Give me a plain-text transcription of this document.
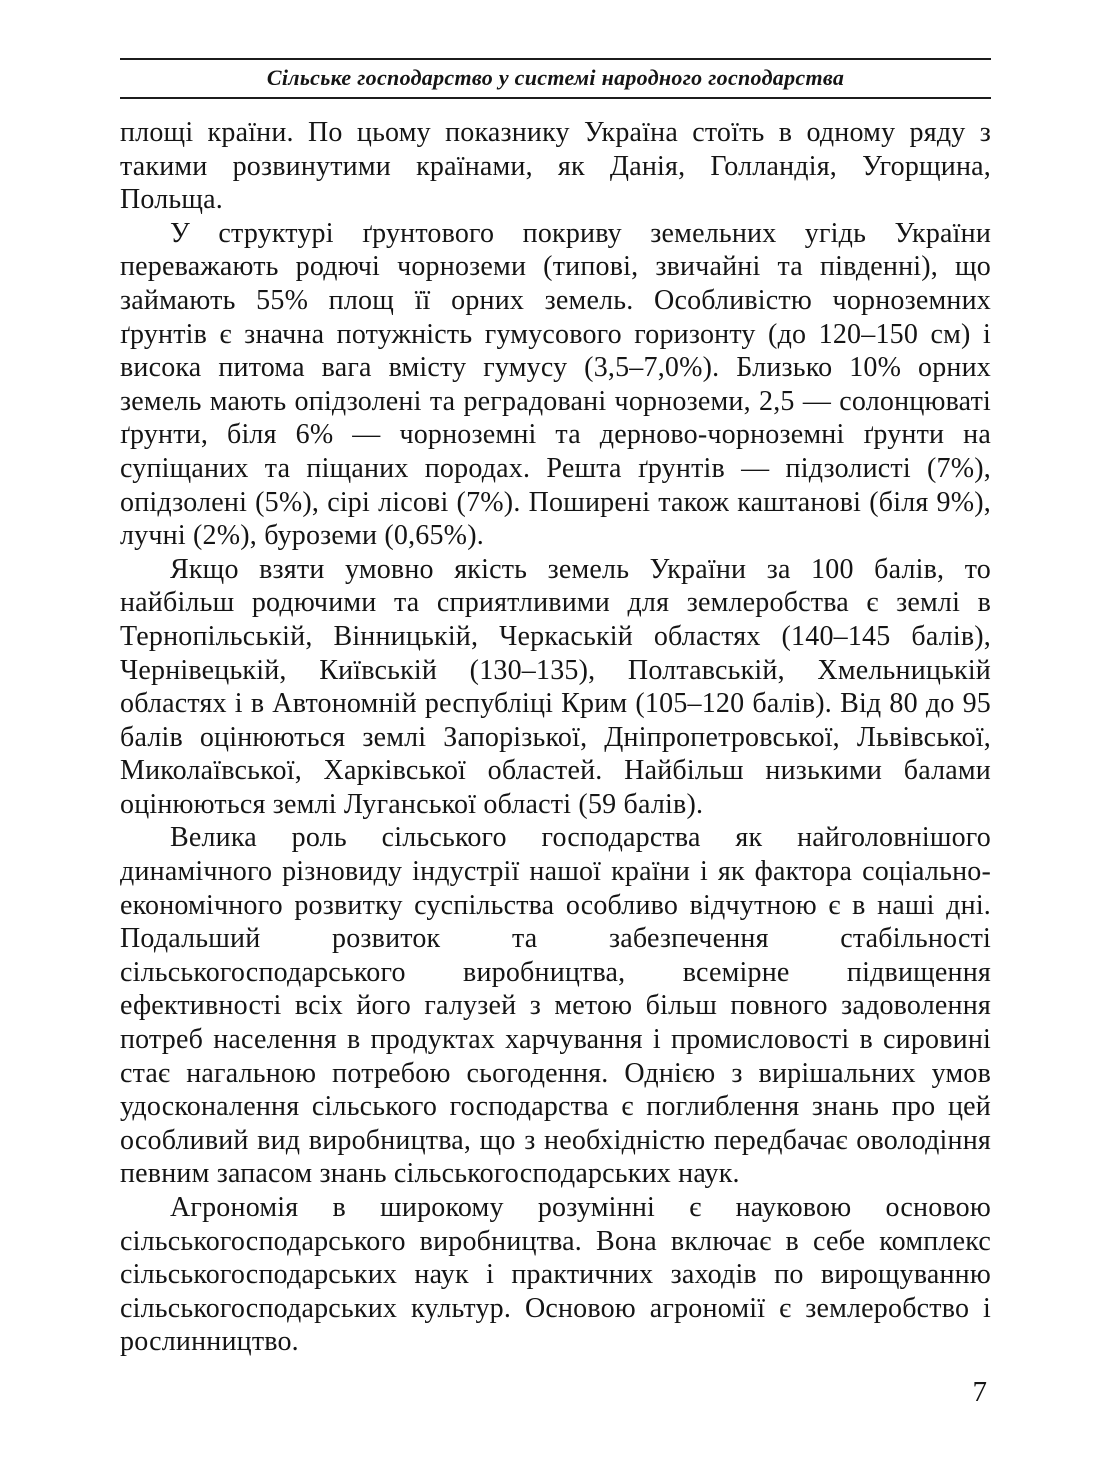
Сільське господарство у системі народного господарства

площі країни. По цьому показнику Україна стоїть в одному ряду з такими розвинутими країнами, як Данія, Голландія, Угорщина, Польща.

У структурі ґрунтового покриву земельних угідь України переважають родючі чорноземи (типові, звичайні та південні), що займають 55% площ її орних земель. Особливістю чорноземних ґрунтів є значна потужність гумусового горизонту (до 120–150 см) і висока питома вага вмісту гумусу (3,5–7,0%). Близько 10% орних земель мають опідзолені та реградовані чорноземи, 2,5 — солонцюваті ґрунти, біля 6% — чорноземні та дерново-чорноземні ґрунти на супіщаних та піщаних породах. Решта ґрунтів — підзолисті (7%), опідзолені (5%), сірі лісові (7%). Поширені також каштанові (біля 9%), лучні (2%), буроземи (0,65%).

Якщо взяти умовно якість земель України за 100 балів, то найбільш родючими та сприятливими для землеробства є землі в Тернопільській, Вінницькій, Черкаській областях (140–145 балів), Чернівецькій, Київській (130–135), Полтавській, Хмельницькій областях і в Автономній республіці Крим (105–120 балів). Від 80 до 95 балів оцінюються землі Запорізької, Дніпропетровської, Львівської, Миколаївської, Харківської областей. Найбільш низькими балами оцінюються землі Луганської області (59 балів).

Велика роль сільського господарства як найголовнішого динамічного різновиду індустрії нашої країни і як фактора соціально-економічного розвитку суспільства особливо відчутною є в наші дні. Подальший розвиток та забезпечення стабільності сільськогосподарського виробництва, всемірне підвищення ефективності всіх його галузей з метою більш повного задоволення потреб населення в продуктах харчування і промисловості в сировині стає нагальною потребою сьогодення. Однією з вирішальних умов удосконалення сільського господарства є поглиблення знань про цей особливий вид виробництва, що з необхідністю передбачає оволодіння певним запасом знань сільськогосподарських наук.

Агрономія в широкому розумінні є науковою основою сільськогосподарського виробництва. Вона включає в себе комплекс сільськогосподарських наук і практичних заходів по вирощуванню сільськогосподарських культур. Основою агрономії є землеробство і рослинництво.

7
